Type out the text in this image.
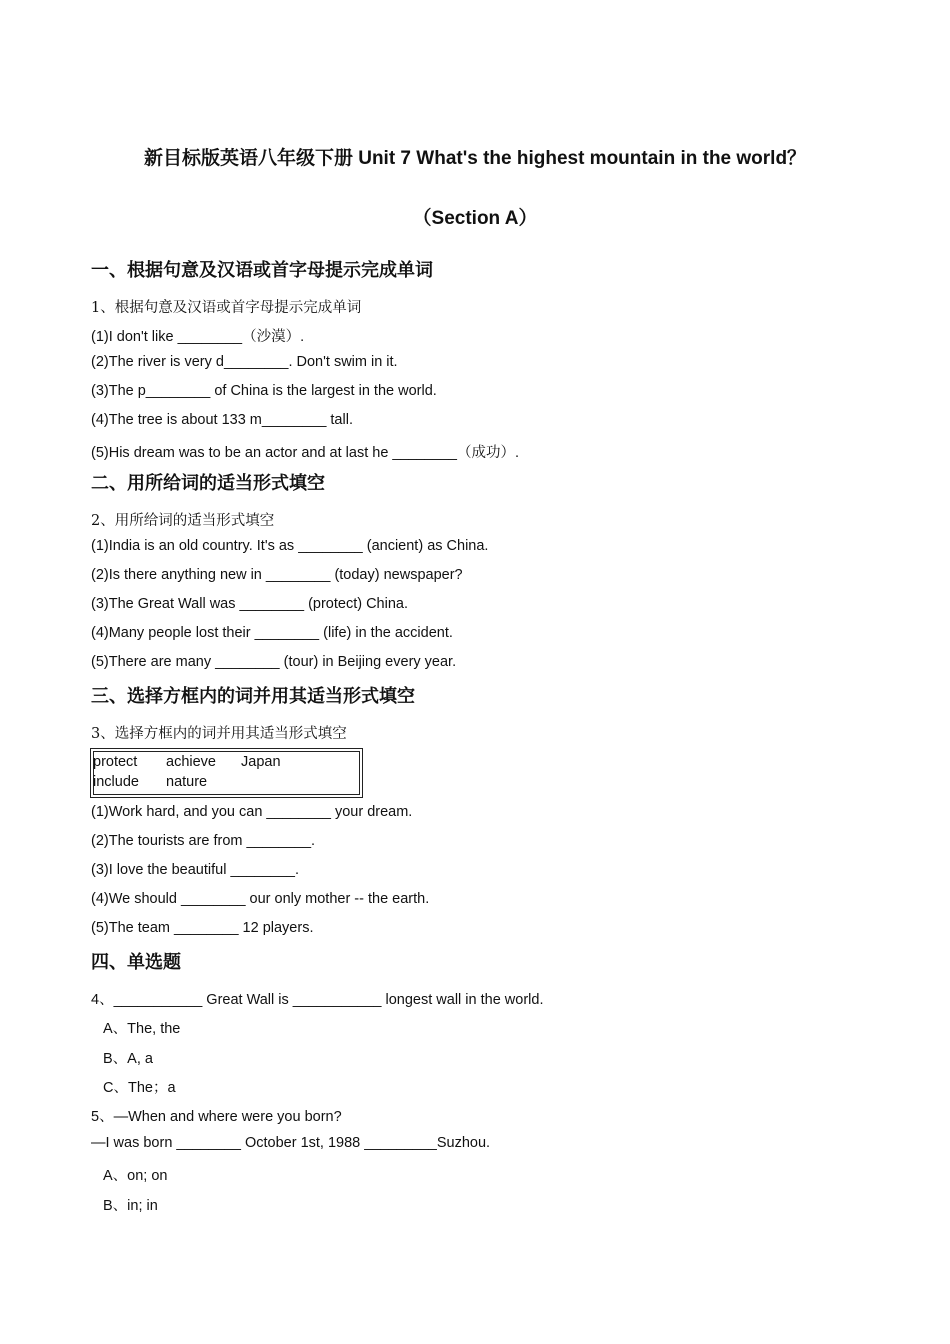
新目标版英语八年级下册 Unit 7 What's the highest mountain in the world？
（Section A）
一、根据句意及汉语或首字母提示完成单词
1、根据句意及汉语或首字母提示完成单词
(1)I don't like ________（沙漠）.
(2)The river is very d________. Don't swim in it.
(3)The p________ of China is the largest in the world.
(4)The tree is about 133 m________ tall.
(5)His dream was to be an actor and at last he ________（成功）.
二、用所给词的适当形式填空
2、用所给词的适当形式填空
(1)India is an old country. It's as ________ (ancient) as China.
(2)Is there anything new in ________ (today) newspaper?
(3)The Great Wall was ________ (protect) China.
(4)Many people lost their ________ (life) in the accident.
(5)There are many ________ (tour) in Beijing every year.
三、选择方框内的词并用其适当形式填空
3、选择方框内的词并用其适当形式填空
protect achieve Japan
include nature
(1)Work hard, and you can ________ your dream.
(2)The tourists are from ________.
(3)I love the beautiful ________.
(4)We should ________ our only mother -- the earth.
(5)The team ________ 12 players.
四、单选题
4、___________ Great Wall is ___________ longest wall in the world.
A、The, the
B、A, a
C、The；a
5、—When and where were you born?
—I was born ________ October 1st, 1988 _________Suzhou.
A、on; on
B、in; in
